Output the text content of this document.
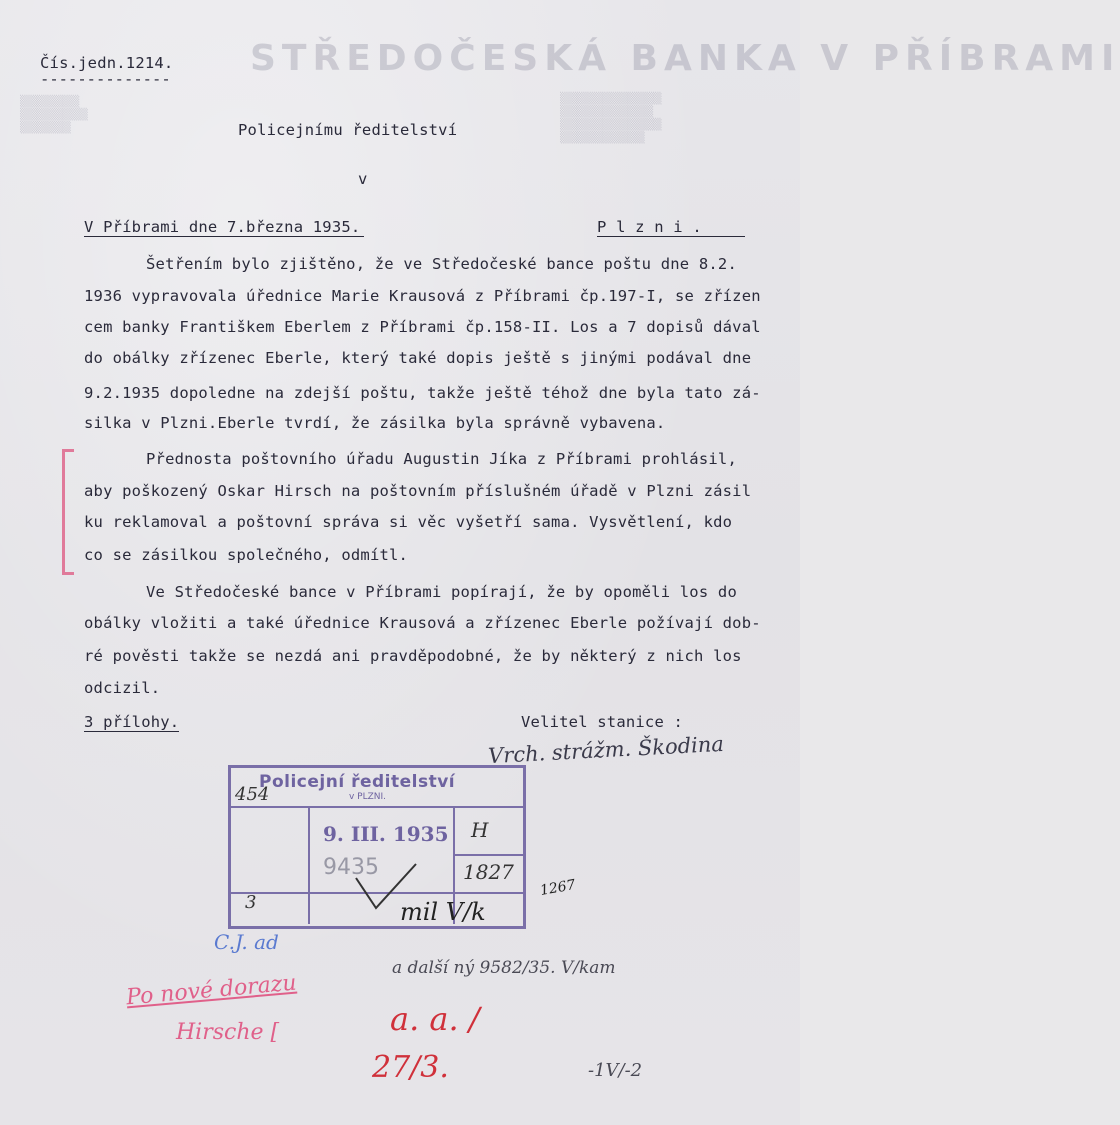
STŘEDOČESKÁ BANKA V PŘÍBRAMI
▒▒▒▒▒▒▒▒▒▒▒▒
▒▒▒▒▒▒▒▒▒▒▒
▒▒▒▒▒▒▒▒▒▒▒▒
▒▒▒▒▒▒▒▒▒▒
▒▒▒▒▒▒▒
▒▒▒▒▒▒▒▒
▒▒▒▒▒▒
Čís.jedn.1214.
--------------
Policejnímu ředitelství
v
V Příbrami dne 7.března 1935.	P l z n i .
Šetřením bylo zjištěno, že ve Středočeské bance poštu dne 8.2.
1936 vypravovala úřednice Marie Krausová z Příbrami čp.197-I, se zřízen
cem banky Františkem Eberlem z Příbrami čp.158-II. Los a 7 dopisů dával
do obálky zřízenec Eberle, který také dopis ještě s jinými podával dne
9.2.1935 dopoledne na zdejší poštu, takže ještě téhož dne byla tato zá-
silka v Plzni.Eberle tvrdí, že zásilka byla správně vybavena.
Přednosta poštovního úřadu Augustin Jíka z Příbrami prohlásil,
aby poškozený Oskar Hirsch na poštovním příslušném úřadě v Plzni zásil
ku reklamoval a poštovní správa si věc vyšetří sama. Vysvětlení, kdo
co se zásilkou společného, odmítl.
Ve Středočeské bance v Příbrami popírají, že by opoměli los do
obálky vložiti a také úřednice Krausová a zřízenec Eberle požívají dob-
ré pověsti takže se nezdá ani pravděpodobné, že by některý z nich los
odcizil.
3 přílohy.	Velitel stanice :
Vrch. strážm. Škodina
Policejní ředitelství
v PLZNI.
9. III. 1935
9435
454
H
1827
3	mil V/k
1267
C.J. ad
Po nové dorazu
Hirsche [
a další ný 9582/35. V/kam
a. a. /
27/3.	-1V/-2
